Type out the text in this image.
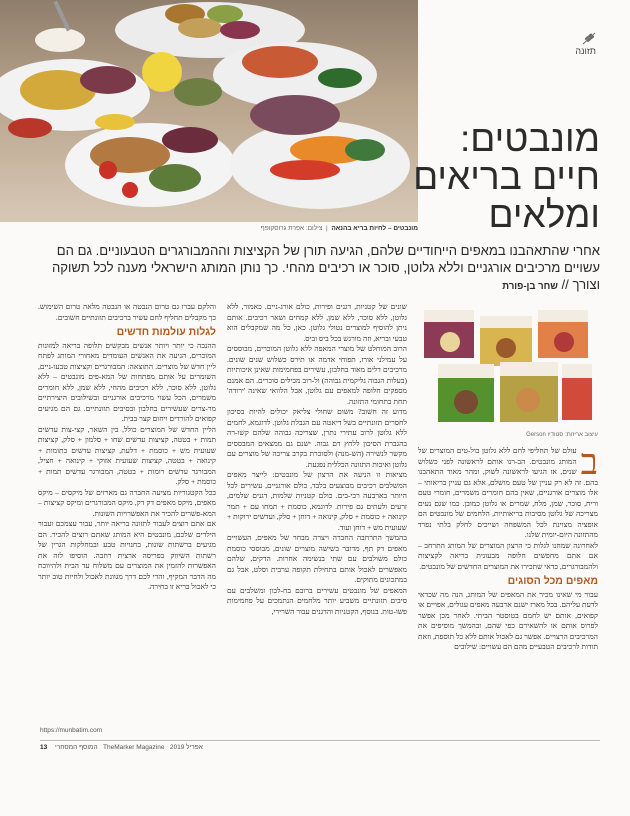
מונבטים – לחיות בריא בהנאה  |  צילום: אפרת גרוסקופף
תזונה
מונבטים:
חיים בריאים
ומלאים
אחרי שהתאהבנו במאפים הייחודיים שלהם, הגיעה תורן של הקציצות וההמבורגרים הטבעוניים. גם הם עשויים מרכיבים אורגניים וללא גלוטן, סוכר או רכיבים מהחי. כך נותן המותג הישראלי מענה לכל תשוקה וצורך // שחר בן-פורת
עיצוב אריזות: סטודיו Gerson

ב
עולם של תחליפי לחם ללא גלוטן בול-טים המוצרים של המותג מונבטים. הב-רנו אותם לראשונה לפני כשלוש שנים, אז הגיעו לראשונה לשוק, ומהר מאוד התאהבנו בהם. זה לא רק עניין של טעם מושלם, אלא גם עניין בריאותי – אלו מוצרים אורגניים, שאין בהם חומרים משמרים, חומרי טעם וריח, סוכר, שמן, מלח, שמרים או גלוטן כמובן. כמו שגם נעים מצריכה של גלוטן מסיבות בריאותיות, הלחמים של מונבטים הם אופציה מצוינת לכל המשפחה ושייכים לחלק בלתי נפרד מהתזונה היום-יומית שלנו.

לאחרונה שמחנו לגלות כי הרצון המוצרים של המותג התרחב – אם אתם מחפשים חלופה מבעונית בריאה לקציצות ולהמבורגרים, כדאי שתכירו את המוצרים החדשים של מונבטים.

מאפים מכל הסוגים

עבור מי שאינו מכיר את המאפים של המותג, הנה מה שכדאי לדעת עליהם. בכל מארז ישנם ארבעה מאפים עגולים, אפויים או קפואים, אותם יש לחמם בטוסטר הביתי. לאחר מכן אפשר לפרוס אותם או להשאירם כפי שהם, ובהמשך מוסיפים את המרכיבים הרצויים. אפשר גם לאכול אותם ללא כל תוספת, וזאת תודות לרכיבים הטבעיים מהם הם עשויים: שילובים

שונים של קטניות, דגנים ופירות, כולם אורג-ניים. כאמור, ללא גלוטן, ללא סוכר, ללא שמן, ללא קמחים ושאר רכיבים. אותם ניתן להוסיף למוצרים נטולי גלוטן. כאן, כל מה שמקבלים הוא טבעי ובריא, וזה מורגש בכל ביס וביס.

הרוב המוחלט של מוצרי המאפה ללא גלוטן המוכרים, מבוססים על עמילני אורז, תפוחי אדמה או תירס כשלוש שנים שונים. מרכיבים דלים מאוד בחלבון, עשירים בפחמימות שאינן איכותיות (בעלות הגבוה גליקמית גבוהה) ול-רוב מכילים סוכרים. הם אמנם מספקים חלופה למאפים עם גלוטן, אבל הלוואי שאינה 'ירודה' תחת בתחומי התזונה.

מדוע זה חשוב? משום שחולי צליאק יכולים להיות בסיכון לחסרים תזונתיים בשל דיאטה עם הגבלת גלוטן. לדוגמא, לחמים ללא גלוטן לרוב עתירי נתרן, שצריכה גבוהה שלהם קשו-רה בהגברת הסיכון ללחץ דם גבוה. ישנם גם ממצאים המבססים מקשר לנשירה (הש-מנה) ולסוכרת בקרב צריכה של מוצרים עם גלוטן ואיכות התזונה הכללית נפגעת.

מציאות זו הניעה את הרצון של מונבטים: לייצר מאפים המשלבים רכיבים מבוצעים בלבד, כולם אורגניים, עשירים לכל היותר בארבעה רכי-בים. כולם קטניות שלמות, דגנים שלמים, זרעים ולעתים גם פירות. לדוגמא, כוסמת + תמחו עם + תמר קינואה + כוסמת + סלק, קינואה + דוחן + סלק, ועדשים ירוקות + שעועית מש + דוחן ועוד.

בהמשך התרחבה החברה ויצרה מבחר של מאפים, העשויים מאפים דק תף, מדובר בשישה מוצרים שונים, מבוססי כוסמת כולם משולבים עם שתי בנשימה אחרות. הדקים, שלהם מאפשרים לאכול אותם בתחילת תקופה ערבית וסלט, אבל גם במתכונים מתוקים.

המאפים של מונבטים עשירים ברובם בח-לבון ומשלבים עם סיבים תזונתיים משביע יותר מלחמים הנתמכים על פחמימות פשו-טות. בנוסף, הקטניות והדגנים עבור השרירי,

והלקם עברו גם טרום הנבטה או הנבטה מלאה טרום השימוש. כך מקבלים תחליף לחם עשיר ברכיבים תזונתיים חשובים.

לגלות עולמות חדשים

ההנבה כי יותר ויותר אנשים מבקשים תלופה בריאה למזונות המוכרים, הניעה את האנשים העומדים מאחורי המותג לפתח ליין חדש של מוצרים. התוצאה: המבורגרים וקציצות טבעו-ניים, השומרים על אותם מפתחות של המא-פים מונבטים – ללא גלוטן, ללא סוכר, ללא רכיבים מהחי, ללא שמן, ללא חומרים משמרים, הכל עשוי מרכיבים אורגניים ובשילובים היצירתיים מר-צרים שעשירים בחלבון ובסיבים תזונתיים. גם הם מגיעים קפואים להורדים ויחום קצר בבית.

הליין החדש של המוצרים כולל, בין השאר, קצי-צות עדשים תמות + בטטה, קציצות עדשים שחו + סלמון + סלק, קציצות שעועית מש + כוסמת + דלעת, קציצות עדשים כתומות + קינואה + בטטה, קציצות שעועית אזוקי + קינואה + חציל, המבורגר עדשים רומות + בטטה, המבורגר עדשים תמות + כוסמת + סלק.

בכל הקטגוריות מציעה החברה גם מארזים של מיקסים – מיקס מאפים, מיקס מאפים דק דק, מיקס המבורגרים ומיקס קציצות – המא-פשרים להכיר את האפשרויות השונות.

אם אתם רוצים לעבור לתזונה בריאה יותר, עבור עצמכם ועבור הילדים שלכם, מונבטים היא המותג שאתם רוצים להכיר. הם מגיעים ברשתות שונות, בחנויות טבע ובמחלקות הגרין של רשתות השיווק בפריסה ארצית רחבה. הוסיפו לזה את האפשרות להזמין את המוצרים עם משלוח עד הבית ולהיווכח מה הדבר המקיף, והרי לכם דרך מגוונת לאכול ולחיות טוב יותר כי לאכול בריא זו בחירה.

https://munbatim.com
13 המוסף המסחרי TheMarker Magazine אפריל 2019
